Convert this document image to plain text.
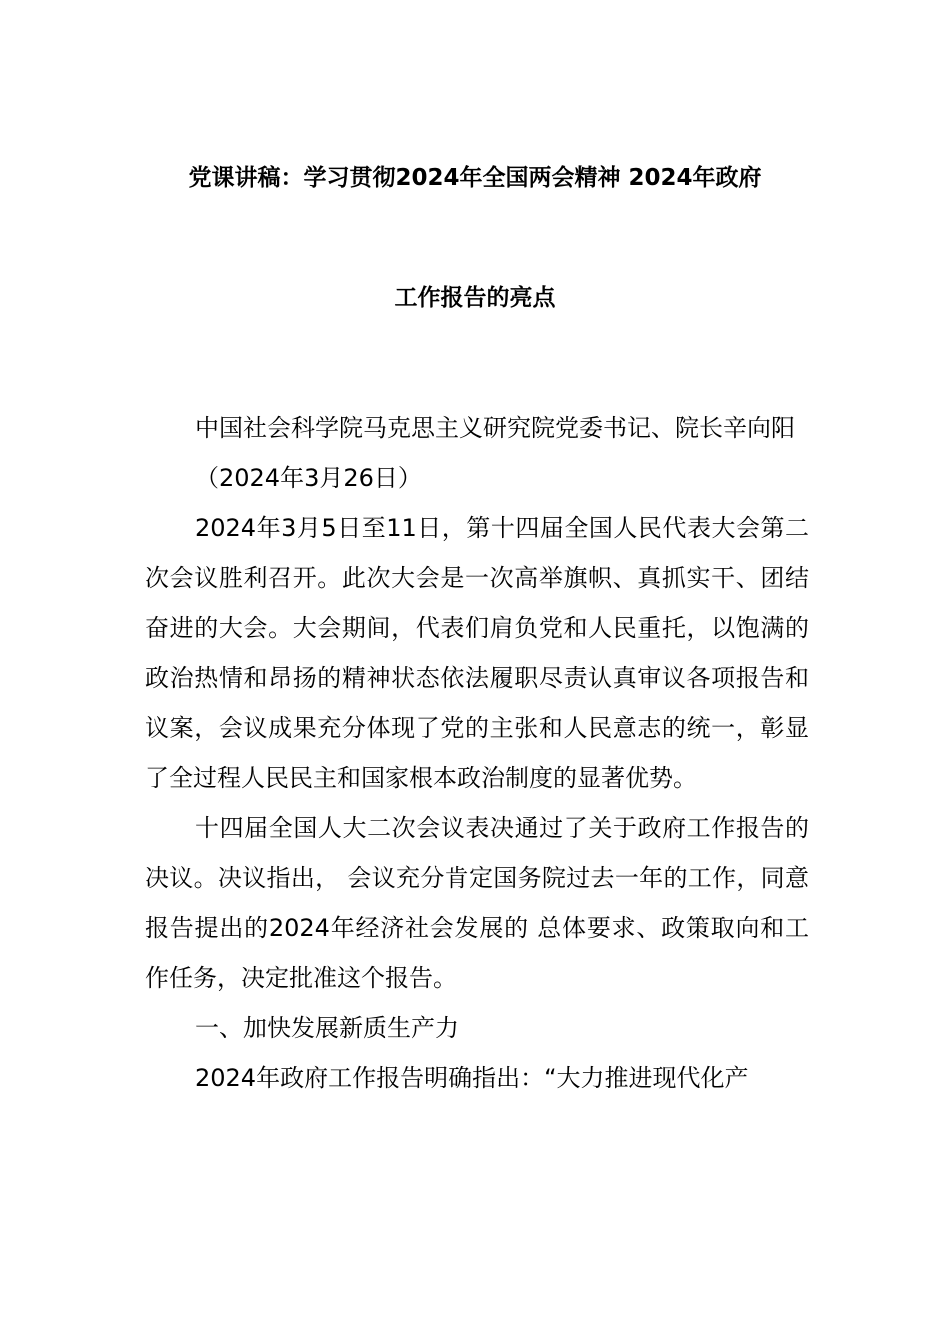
党课讲稿：学习贯彻2024年全国两会精神 2024年政府
工作报告的亮点

中国社会科学院马克思主义研究院党委书记、院长辛向阳

（2024年3月26日）

2024年3月5日至11日，第十四届全国人民代表大会第二次会议胜利召开。此次大会是一次高举旗帜、真抓实干、团结奋进的大会。大会期间，代表们肩负党和人民重托，以饱满的政治热情和昂扬的精神状态依法履职尽责认真审议各项报告和议案，会议成果充分体现了党的主张和人民意志的统一，彰显了全过程人民民主和国家根本政治制度的显著优势。

十四届全国人大二次会议表决通过了关于政府工作报告的决议。决议指出， 会议充分肯定国务院过去一年的工作，同意报告提出的2024年经济社会发展的 总体要求、政策取向和工作任务，决定批准这个报告。

一、加快发展新质生产力

2024年政府工作报告明确指出：“大力推进现代化产
